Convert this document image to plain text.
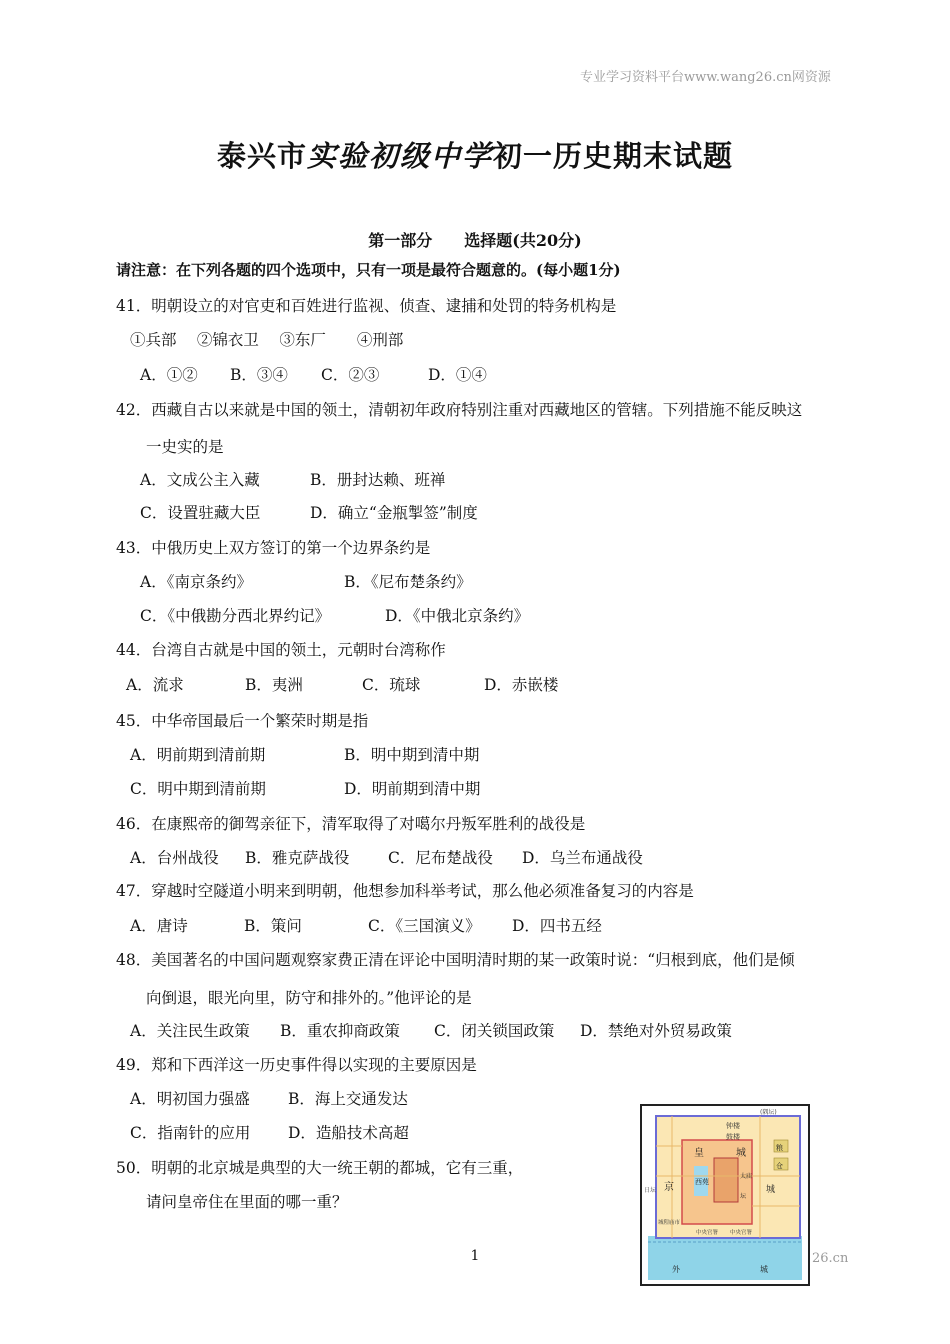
专业学习资料平台www.wang26.cn网资源
泰兴市实验初级中学初一历史期末试题
第一部分　　选择题(共20分)
请注意：在下列各题的四个选项中，只有一项是最符合题意的。(每小题1分)
41．明朝设立的对官吏和百姓进行监视、侦查、逮捕和处罚的特务机构是
①兵部　 ②锦衣卫　 ③东厂　　④刑部
A．①② B．③④ C．②③	D．①④
42．西藏自古以来就是中国的领土，清朝初年政府特别注重对西藏地区的管辖。下列措施不能反映这
一史实的是
A．文成公主入藏	B．册封达赖、班禅
C．设置驻藏大臣	D．确立“金瓶掣签”制度
43．中俄历史上双方签订的第一个边界条约是
A．《南京条约》	B．《尼布楚条约》
C．《中俄勘分西北界约记》	D．《中俄北京条约》
44．台湾自古就是中国的领土，元朝时台湾称作
A．流求	B．夷洲	C．琉球	D．赤嵌楼
45．中华帝国最后一个繁荣时期是指
A．明前期到清前期	B．明中期到清中期
C．明中期到清前期	D．明前期到清中期
46．在康熙帝的御驾亲征下，清军取得了对噶尔丹叛军胜利的战役是
A．台州战役 B．雅克萨战役 C．尼布楚战役 D．乌兰布通战役
47．穿越时空隧道小明来到明朝，他想参加科举考试，那么他必须准备复习的内容是
A．唐诗	B．策问	C．《三国演义》 D．四书五经
48．美国著名的中国问题观察家费正清在评论中国明清时期的某一政策时说：“归根到底，他们是倾
向倒退，眼光向里，防守和排外的。”他评论的是
A．关注民生政策 B．重农抑商政策 C．闭关锁国政策 D．禁绝对外贸易政策
49．郑和下西洋这一历史事件得以实现的主要原因是
A．明初国力强盛 B．海上交通发达
C．指南针的应用 D．造船技术高超
50．明朝的北京城是典型的大一统王朝的都城，它有三重，
请问皇帝住在里面的哪一重？
(隅坛)
钟楼
鼓楼
皇	城
京	西苑
太庙
坛
日坛	城
城隍庙市
中央官署 中央官署
外	城
粮
仓
1	26.cn
